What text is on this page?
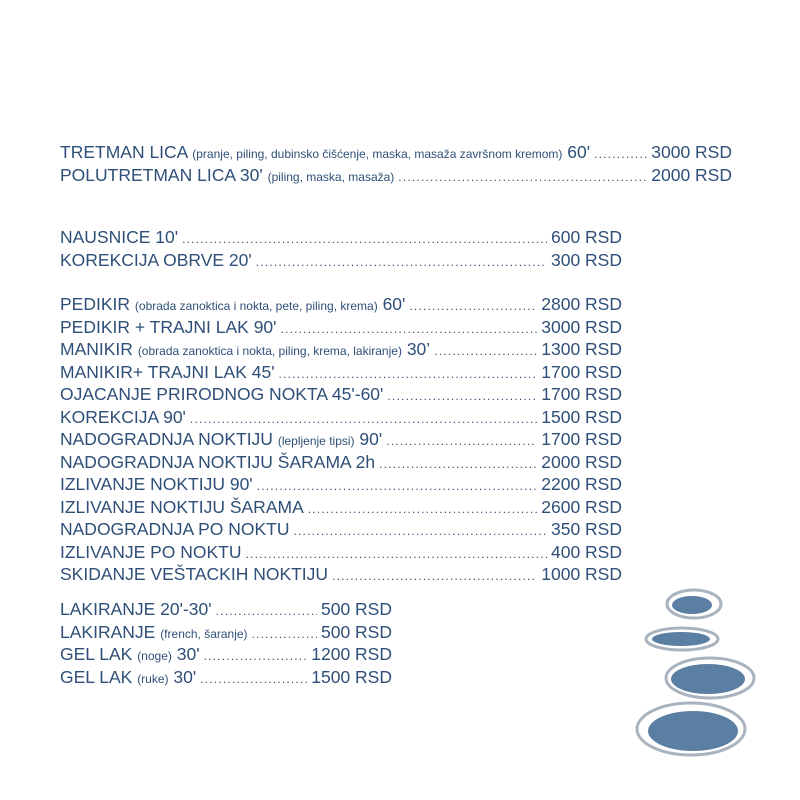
TRETMAN LICA (pranje, piling, dubinsko čišćenje, maska, masaža završnom kremom) 60' .....	3000 RSD
POLUTRETMAN LICA 30' (piling, maska, masaža) .....	2000 RSD
NAUSNICE 10' .....	600 RSD
KOREKCIJA OBRVE 20' .....	300 RSD
PEDIKIR (obrada zanoktica i nokta, pete, piling, krema) 60' .....	2800 RSD
PEDIKIR + TRAJNI LAK 90' .....	3000 RSD
MANIKIR (obrada zanoktica i nokta, piling, krema, lakiranje) 30’ .....	1300 RSD
MANIKIR+ TRAJNI LAK 45' .....	1700 RSD
OJACANJE PRIRODNOG NOKTA 45'-60' .....	1700 RSD
KOREKCIJA 90' .....	1500 RSD
NADOGRADNJA NOKTIJU (lepljenje tipsi) 90' .....	1700 RSD
NADOGRADNJA NOKTIJU ŠARAMA 2h .....	2000 RSD
IZLIVANJE NOKTIJU 90' .....	2200 RSD
IZLIVANJE NOKTIJU ŠARAMA .....	2600 RSD
NADOGRADNJA PO NOKTU .....	350 RSD
IZLIVANJE PO NOKTU .....	400 RSD
SKIDANJE VEŠTACKIH NOKTIJU .....	1000 RSD
LAKIRANJE 20'-30' .....	500 RSD
LAKIRANJE (french, šaranje) .....	500 RSD
GEL LAK (noge) 30' .....	1200 RSD
GEL LAK (ruke) 30' .....	1500 RSD
